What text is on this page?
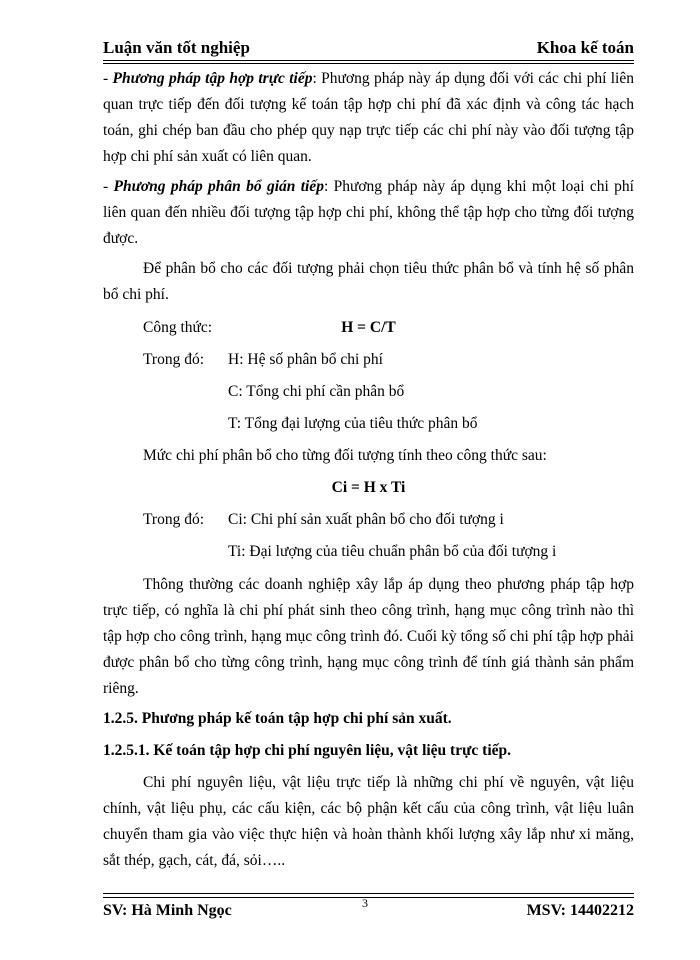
Luận văn tốt nghiệp	Khoa kế toán

- Phương pháp tập hợp trực tiếp: Phương pháp này áp dụng đối với các chi phí liên quan trực tiếp đến đối tượng kế toán tập hợp chi phí đã xác định và công tác hạch toán, ghi chép ban đầu cho phép quy nạp trực tiếp các chi phí này vào đối tượng tập hợp chi phí sản xuất có liên quan.

- Phương pháp phân bổ gián tiếp: Phương pháp này áp dụng khi một loại chi phí liên quan đến nhiều đối tượng tập hợp chi phí, không thể tập hợp cho từng đối tượng được.

Để phân bổ cho các đối tượng phải chọn tiêu thức phân bổ và tính hệ số phân bổ chi phí.

Công thức:	H = C/T
Trong đó: H: Hệ số phân bổ chi phí
C: Tổng chi phí cần phân bổ
T: Tổng đại lượng của tiêu thức phân bổ
Mức chi phí phân bổ cho từng đối tượng tính theo công thức sau:
Ci = H x Ti
Trong đó: Ci: Chi phí sản xuất phân bổ cho đối tượng i
Ti: Đại lượng của tiêu chuẩn phân bổ của đối tượng i

Thông thường các doanh nghiệp xây lắp áp dụng theo phương pháp tập hợp trực tiếp, có nghĩa là chi phí phát sinh theo công trình, hạng mục công trình nào thì tập hợp cho công trình, hạng mục công trình đó. Cuối kỳ tổng số chi phí tập hợp phải được phân bổ cho từng công trình, hạng mục công trình để tính giá thành sản phẩm riêng.

1.2.5. Phương pháp kế toán tập hợp chi phí sản xuất.
1.2.5.1. Kế toán tập hợp chi phí nguyên liệu, vật liệu trực tiếp.

Chi phí nguyên liệu, vật liệu trực tiếp là những chi phí về nguyên, vật liệu chính, vật liệu phụ, các cấu kiện, các bộ phận kết cấu của công trình, vật liệu luân chuyển tham gia vào việc thực hiện và hoàn thành khối lượng xây lắp như xi măng, sắt thép, gạch, cát, đá, sỏi…..

3
SV: Hà Minh Ngọc	MSV: 14402212
